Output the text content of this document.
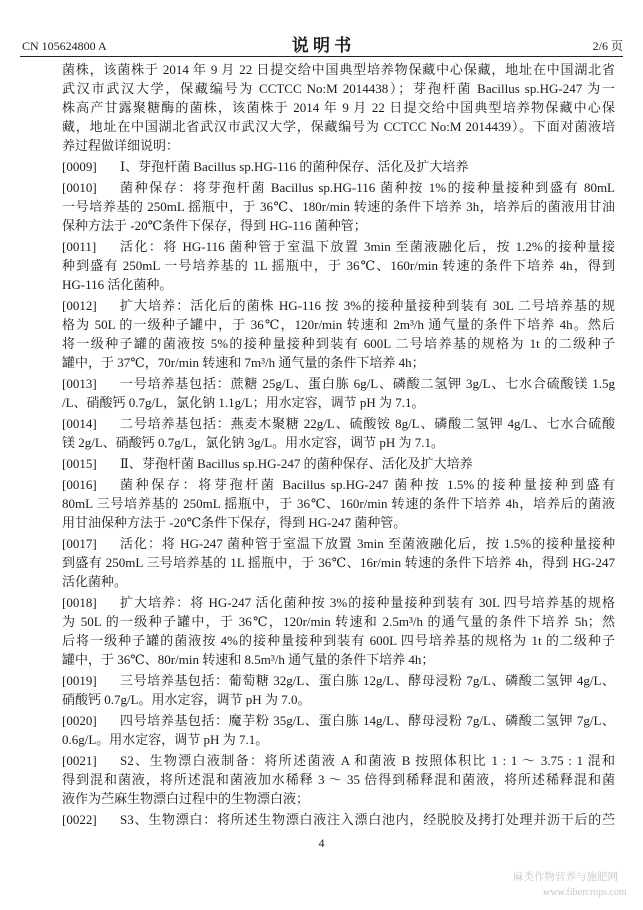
CN 105624800 A	说 明 书	2/6 页
菌株，该菌株于 2014 年 9 月 22 日提交给中国典型培养物保藏中心保藏，地址在中国湖北省
武汉市武汉大学，保藏编号为 CCTCC No:M 2014438）；芽孢杆菌 Bacillus sp.HG-247 为一
株高产甘露聚糖酶的菌株，该菌株于 2014 年 9 月 22 日提交给中国典型培养物保藏中心保
藏，地址在中国湖北省武汉市武汉大学，保藏编号为 CCTCC No:M 2014439）。下面对菌液培
养过程做详细说明：
[0009]	Ⅰ、芽孢杆菌 Bacillus sp.HG-116 的菌种保存、活化及扩大培养
[0010]	菌种保存：将芽孢杆菌 Bacillus sp.HG-116 菌种按 1%的接种量接种到盛有 80mL
一号培养基的 250mL 摇瓶中，于 36℃、180r/min 转速的条件下培养 3h，培养后的菌液用甘油
保种方法于 -20℃条件下保存，得到 HG-116 菌种管；
[0011]	活化：将 HG-116 菌种管于室温下放置 3min 至菌液融化后，按 1.2%的接种量接
种到盛有 250mL 一号培养基的 1L 摇瓶中，于 36℃、160r/min 转速的条件下培养 4h，得到
HG-116 活化菌种。
[0012]	扩大培养：活化后的菌株 HG-116 按 3%的接种量接种到装有 30L 二号培养基的规
格为 50L 的一级种子罐中，于 36℃，120r/min 转速和 2m³/h 通气量的条件下培养 4h。然后
将一级种子罐的菌液按 5%的接种量接种到装有 600L 二号培养基的规格为 1t 的二级种子
罐中，于 37℃，70r/min 转速和 7m³/h 通气量的条件下培养 4h；
[0013]	一号培养基包括：蔗糖 25g/L、蛋白胨 6g/L、磷酸二氢钾 3g/L、七水合硫酸镁 1.5g
/L、硝酸钙 0.7g/L，氯化钠 1.1g/L；用水定容，调节 pH 为 7.1。
[0014]	二号培养基包括：燕麦木聚糖 22g/L、硫酸铵 8g/L、磷酸二氢钾 4g/L、七水合硫酸
镁 2g/L、硝酸钙 0.7g/L，氯化钠 3g/L。用水定容，调节 pH 为 7.1。
[0015]	Ⅱ、芽孢杆菌 Bacillus sp.HG-247 的菌种保存、活化及扩大培养
[0016]	菌种保存：将芽孢杆菌 Bacillus sp.HG-247 菌种按 1.5%的接种量接种到盛有
80mL 三号培养基的 250mL 摇瓶中，于 36℃、160r/min 转速的条件下培养 4h，培养后的菌液
用甘油保种方法于 -20℃条件下保存，得到 HG-247 菌种管。
[0017]	活化：将 HG-247 菌种管于室温下放置 3min 至菌液融化后，按 1.5%的接种量接种
到盛有 250mL 三号培养基的 1L 摇瓶中，于 36℃、16r/min 转速的条件下培养 4h，得到 HG-247
活化菌种。
[0018]	扩大培养：将 HG-247 活化菌种按 3%的接种量接种到装有 30L 四号培养基的规格
为 50L 的一级种子罐中，于 36℃，120r/min 转速和 2.5m³/h 的通气量的条件下培养 5h；然
后将一级种子罐的菌液按 4%的接种量接种到装有 600L 四号培养基的规格为 1t 的二级种子
罐中，于 36℃、80r/min 转速和 8.5m³/h 通气量的条件下培养 4h；
[0019]	三号培养基包括：葡萄糖 32g/L、蛋白胨 12g/L、酵母浸粉 7g/L、磷酸二氢钾 4g/L、
硝酸钙 0.7g/L。用水定容，调节 pH 为 7.0。
[0020]	四号培养基包括：魔芋粉 35g/L、蛋白胨 14g/L、酵母浸粉 7g/L、磷酸二氢钾 7g/L、
0.6g/L。用水定容，调节 pH 为 7.1。
[0021]	S2、生物漂白液制备：将所述菌液 A 和菌液 B 按照体积比 1 : 1 ～ 3.75 : 1 混和
得到混和菌液，将所述混和菌液加水稀释 3 ～ 35 倍得到稀释混和菌液，将所述稀释混和菌
液作为苎麻生物漂白过程中的生物漂白液；
[0022]	S3、生物漂白：将所述生物漂白液注入漂白池内，经脱胶及拷打处理并沥干后的苎
4
麻类作物营养与施肥网
www.fibercrops.com
